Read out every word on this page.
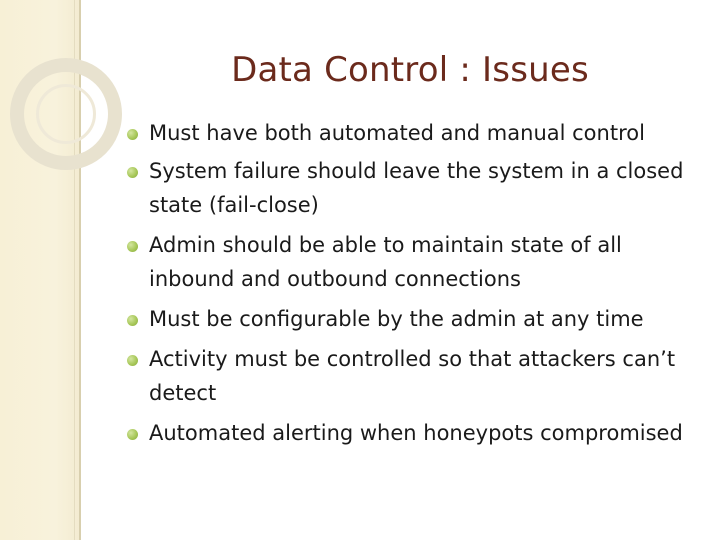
Data Control : Issues
Must have both automated and manual control
System failure should leave the system in a closed state (fail-close)
Admin should be able to maintain state of all inbound and outbound connections
Must be configurable by the admin at any time
Activity must be controlled so that attackers can’t detect
Automated alerting when honeypots compromised
